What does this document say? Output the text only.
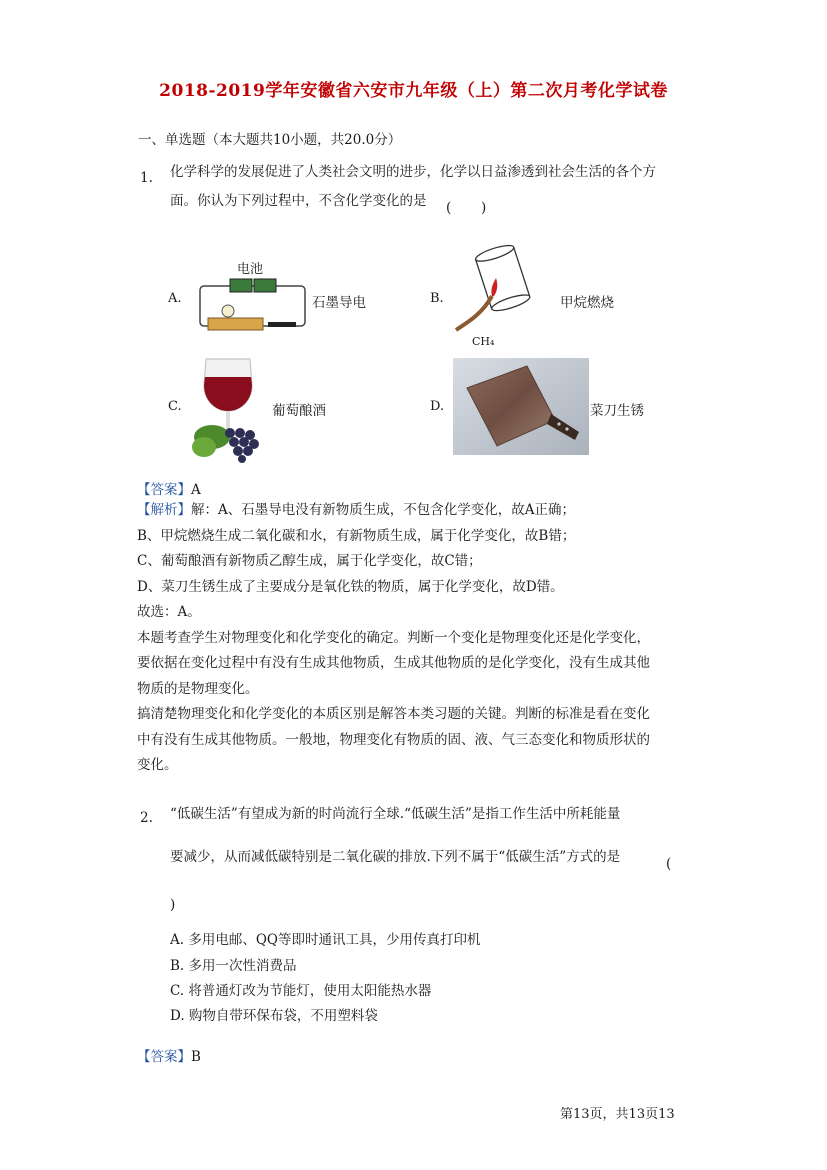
2018-2019学年安徽省六安市九年级（上）第二次月考化学试卷
一、单选题（本大题共10小题，共20.0分）
1. 化学科学的发展促进了人类社会文明的进步，化学以日益渗透到社会生活的各个方
面。你认为下列过程中，不含化学变化的是 ( )
A.
电池
石墨导电	B.
CH₄
甲烷燃烧
C.	葡萄酿酒	D.	菜刀生锈
【答案】A

【解析】解：A、石墨导电没有新物质生成，不包含化学变化，故A正确；

B、甲烷燃烧生成二氧化碳和水，有新物质生成，属于化学变化，故B错；

C、葡萄酿酒有新物质乙醇生成，属于化学变化，故C错；

D、菜刀生锈生成了主要成分是氧化铁的物质，属于化学变化，故D错。

故选：A。

本题考查学生对物理变化和化学变化的确定。判断一个变化是物理变化还是化学变化，

要依据在变化过程中有没有生成其他物质，生成其他物质的是化学变化，没有生成其他

物质的是物理变化。

搞清楚物理变化和化学变化的本质区别是解答本类习题的关键。判断的标准是看在变化

中有没有生成其他物质。一般地，物理变化有物质的固、液、气三态变化和物质形状的

变化。

2. “低碳生活”有望成为新的时尚流行全球.“低碳生活”是指工作生活中所耗能量
要减少，从而减低碳特别是二氧化碳的排放.下列不属于“低碳生活”方式的是	(
)
A. 多用电邮、QQ等即时通讯工具，少用传真打印机
B. 多用一次性消费品
C. 将普通灯改为节能灯，使用太阳能热水器
D. 购物自带环保布袋，不用塑料袋
【答案】B
第13页，共13页13
